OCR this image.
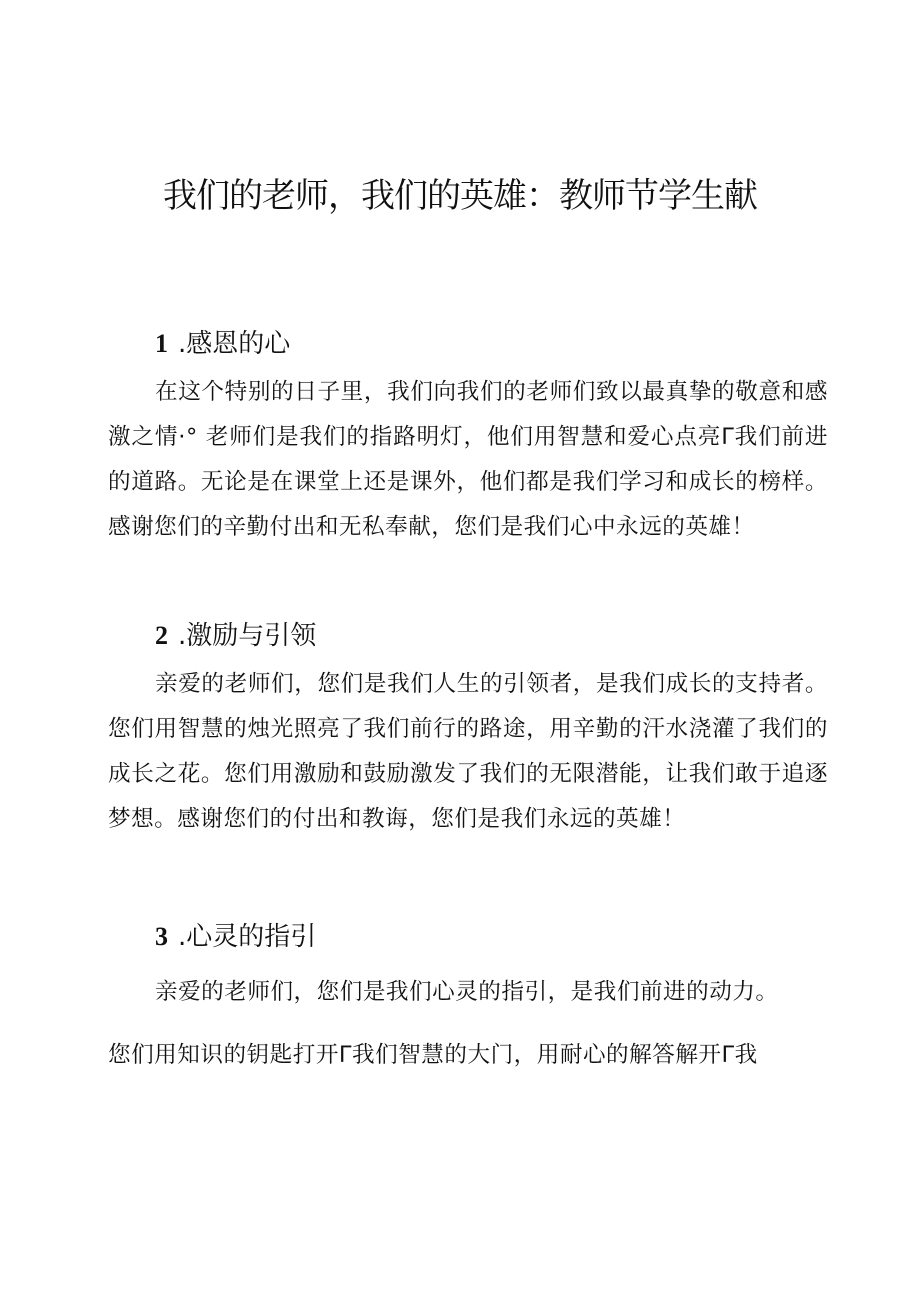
我们的老师，我们的英雄：教师节学生献
1 .感恩的心

在这个特别的日子里，我们向我们的老师们致以最真挚的敬意和感激之情·° 老师们是我们的指路明灯，他们用智慧和爱心点亮Γ我们前进的道路。无论是在课堂上还是课外，他们都是我们学习和成长的榜样。感谢您们的辛勤付出和无私奉献，您们是我们心中永远的英雄！

2 .激励与引领

亲爱的老师们，您们是我们人生的引领者，是我们成长的支持者。您们用智慧的烛光照亮了我们前行的路途，用辛勤的汗水浇灌了我们的成长之花。您们用激励和鼓励激发了我们的无限潜能，让我们敢于追逐梦想。感谢您们的付出和教诲，您们是我们永远的英雄！

3 .心灵的指引

亲爱的老师们，您们是我们心灵的指引，是我们前进的动力。

您们用知识的钥匙打开Γ我们智慧的大门，用耐心的解答解开Γ我
